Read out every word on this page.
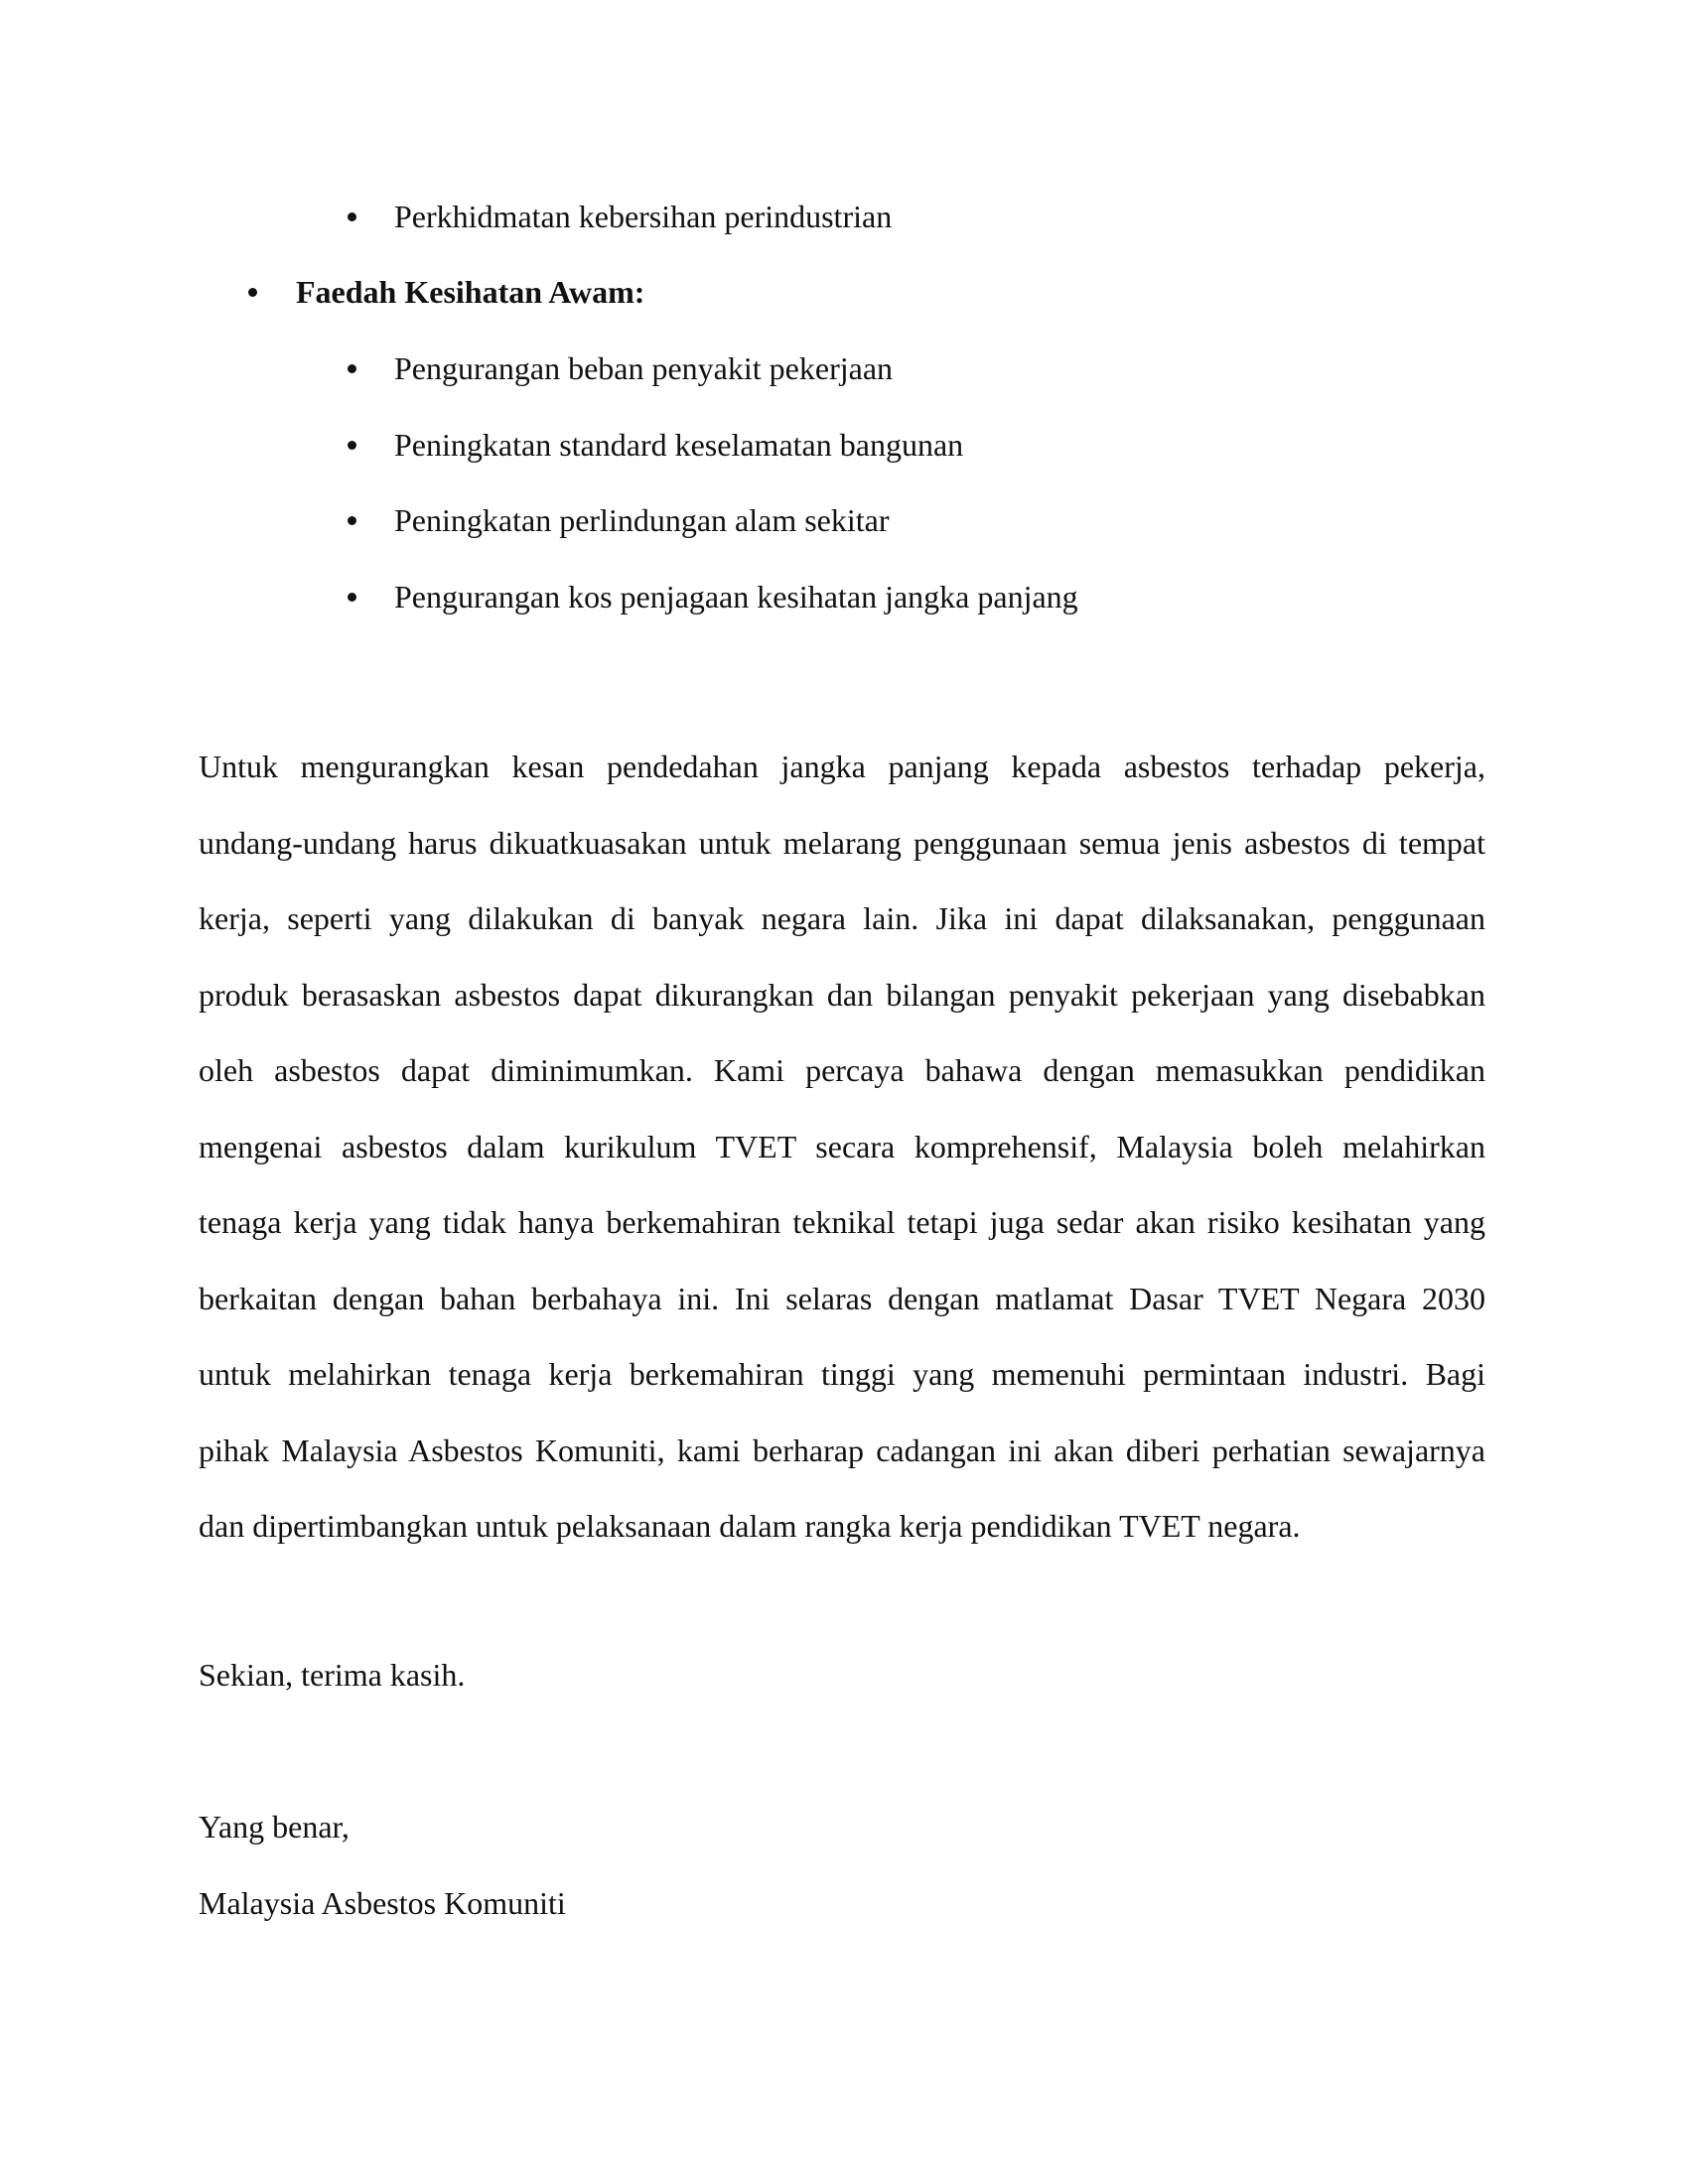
Perkhidmatan kebersihan perindustrian
Faedah Kesihatan Awam:
Pengurangan beban penyakit pekerjaan
Peningkatan standard keselamatan bangunan
Peningkatan perlindungan alam sekitar
Pengurangan kos penjagaan kesihatan jangka panjang
Untuk mengurangkan kesan pendedahan jangka panjang kepada asbestos terhadap pekerja,
undang-undang harus dikuatkuasakan untuk melarang penggunaan semua jenis asbestos di tempat
kerja, seperti yang dilakukan di banyak negara lain. Jika ini dapat dilaksanakan, penggunaan
produk berasaskan asbestos dapat dikurangkan dan bilangan penyakit pekerjaan yang disebabkan
oleh asbestos dapat diminimumkan. Kami percaya bahawa dengan memasukkan pendidikan
mengenai asbestos dalam kurikulum TVET secara komprehensif, Malaysia boleh melahirkan
tenaga kerja yang tidak hanya berkemahiran teknikal tetapi juga sedar akan risiko kesihatan yang
berkaitan dengan bahan berbahaya ini. Ini selaras dengan matlamat Dasar TVET Negara 2030
untuk melahirkan tenaga kerja berkemahiran tinggi yang memenuhi permintaan industri. Bagi
pihak Malaysia Asbestos Komuniti, kami berharap cadangan ini akan diberi perhatian sewajarnya
dan dipertimbangkan untuk pelaksanaan dalam rangka kerja pendidikan TVET negara.
Sekian, terima kasih.
Yang benar,
Malaysia Asbestos Komuniti
